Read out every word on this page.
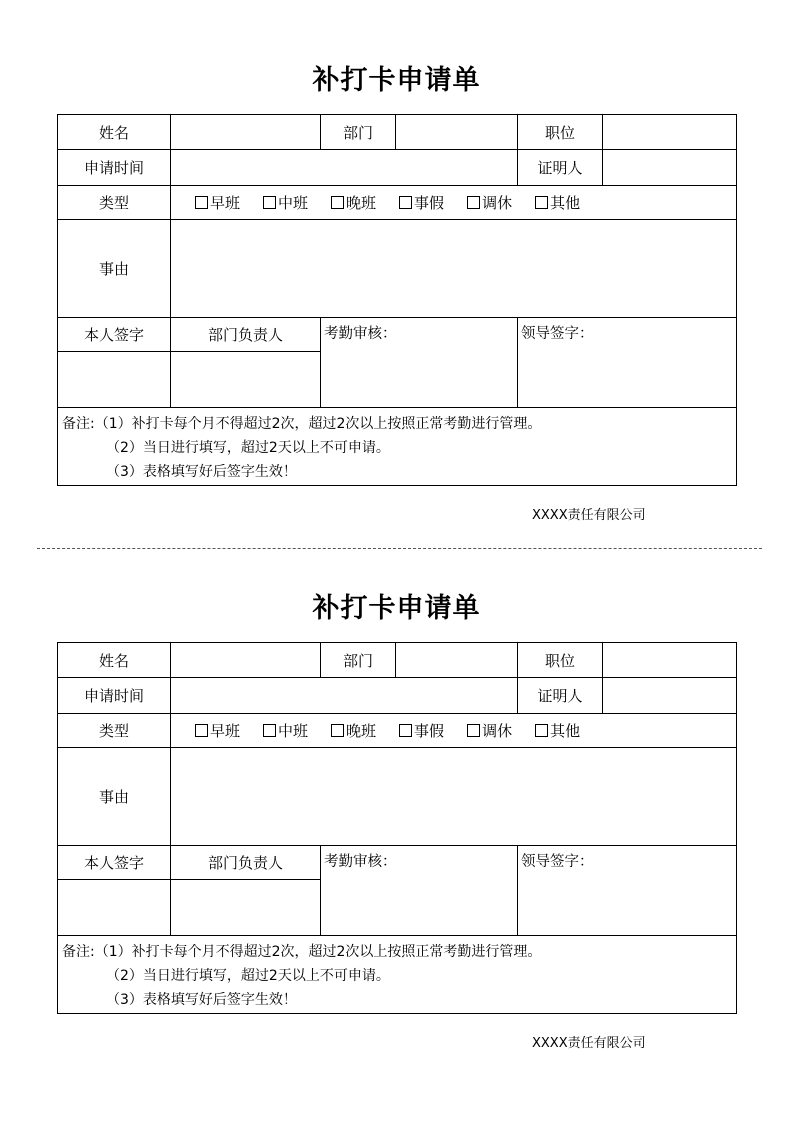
补打卡申请单
姓名	部门	职位
申请时间	证明人
类型	早班	中班	晚班	事假	调休	其他
事由
本人签字	部门负责人	考勤审核：	领导签字：
备注:（1）补打卡每个月不得超过2次，超过2次以上按照正常考勤进行管理。
（2）当日进行填写，超过2天以上不可申请。
（3）表格填写好后签字生效！
XXXX责任有限公司
补打卡申请单
姓名	部门	职位
申请时间	证明人
类型	早班	中班	晚班	事假	调休	其他
事由
本人签字	部门负责人	考勤审核：	领导签字：
备注:（1）补打卡每个月不得超过2次，超过2次以上按照正常考勤进行管理。
（2）当日进行填写，超过2天以上不可申请。
（3）表格填写好后签字生效！
XXXX责任有限公司
